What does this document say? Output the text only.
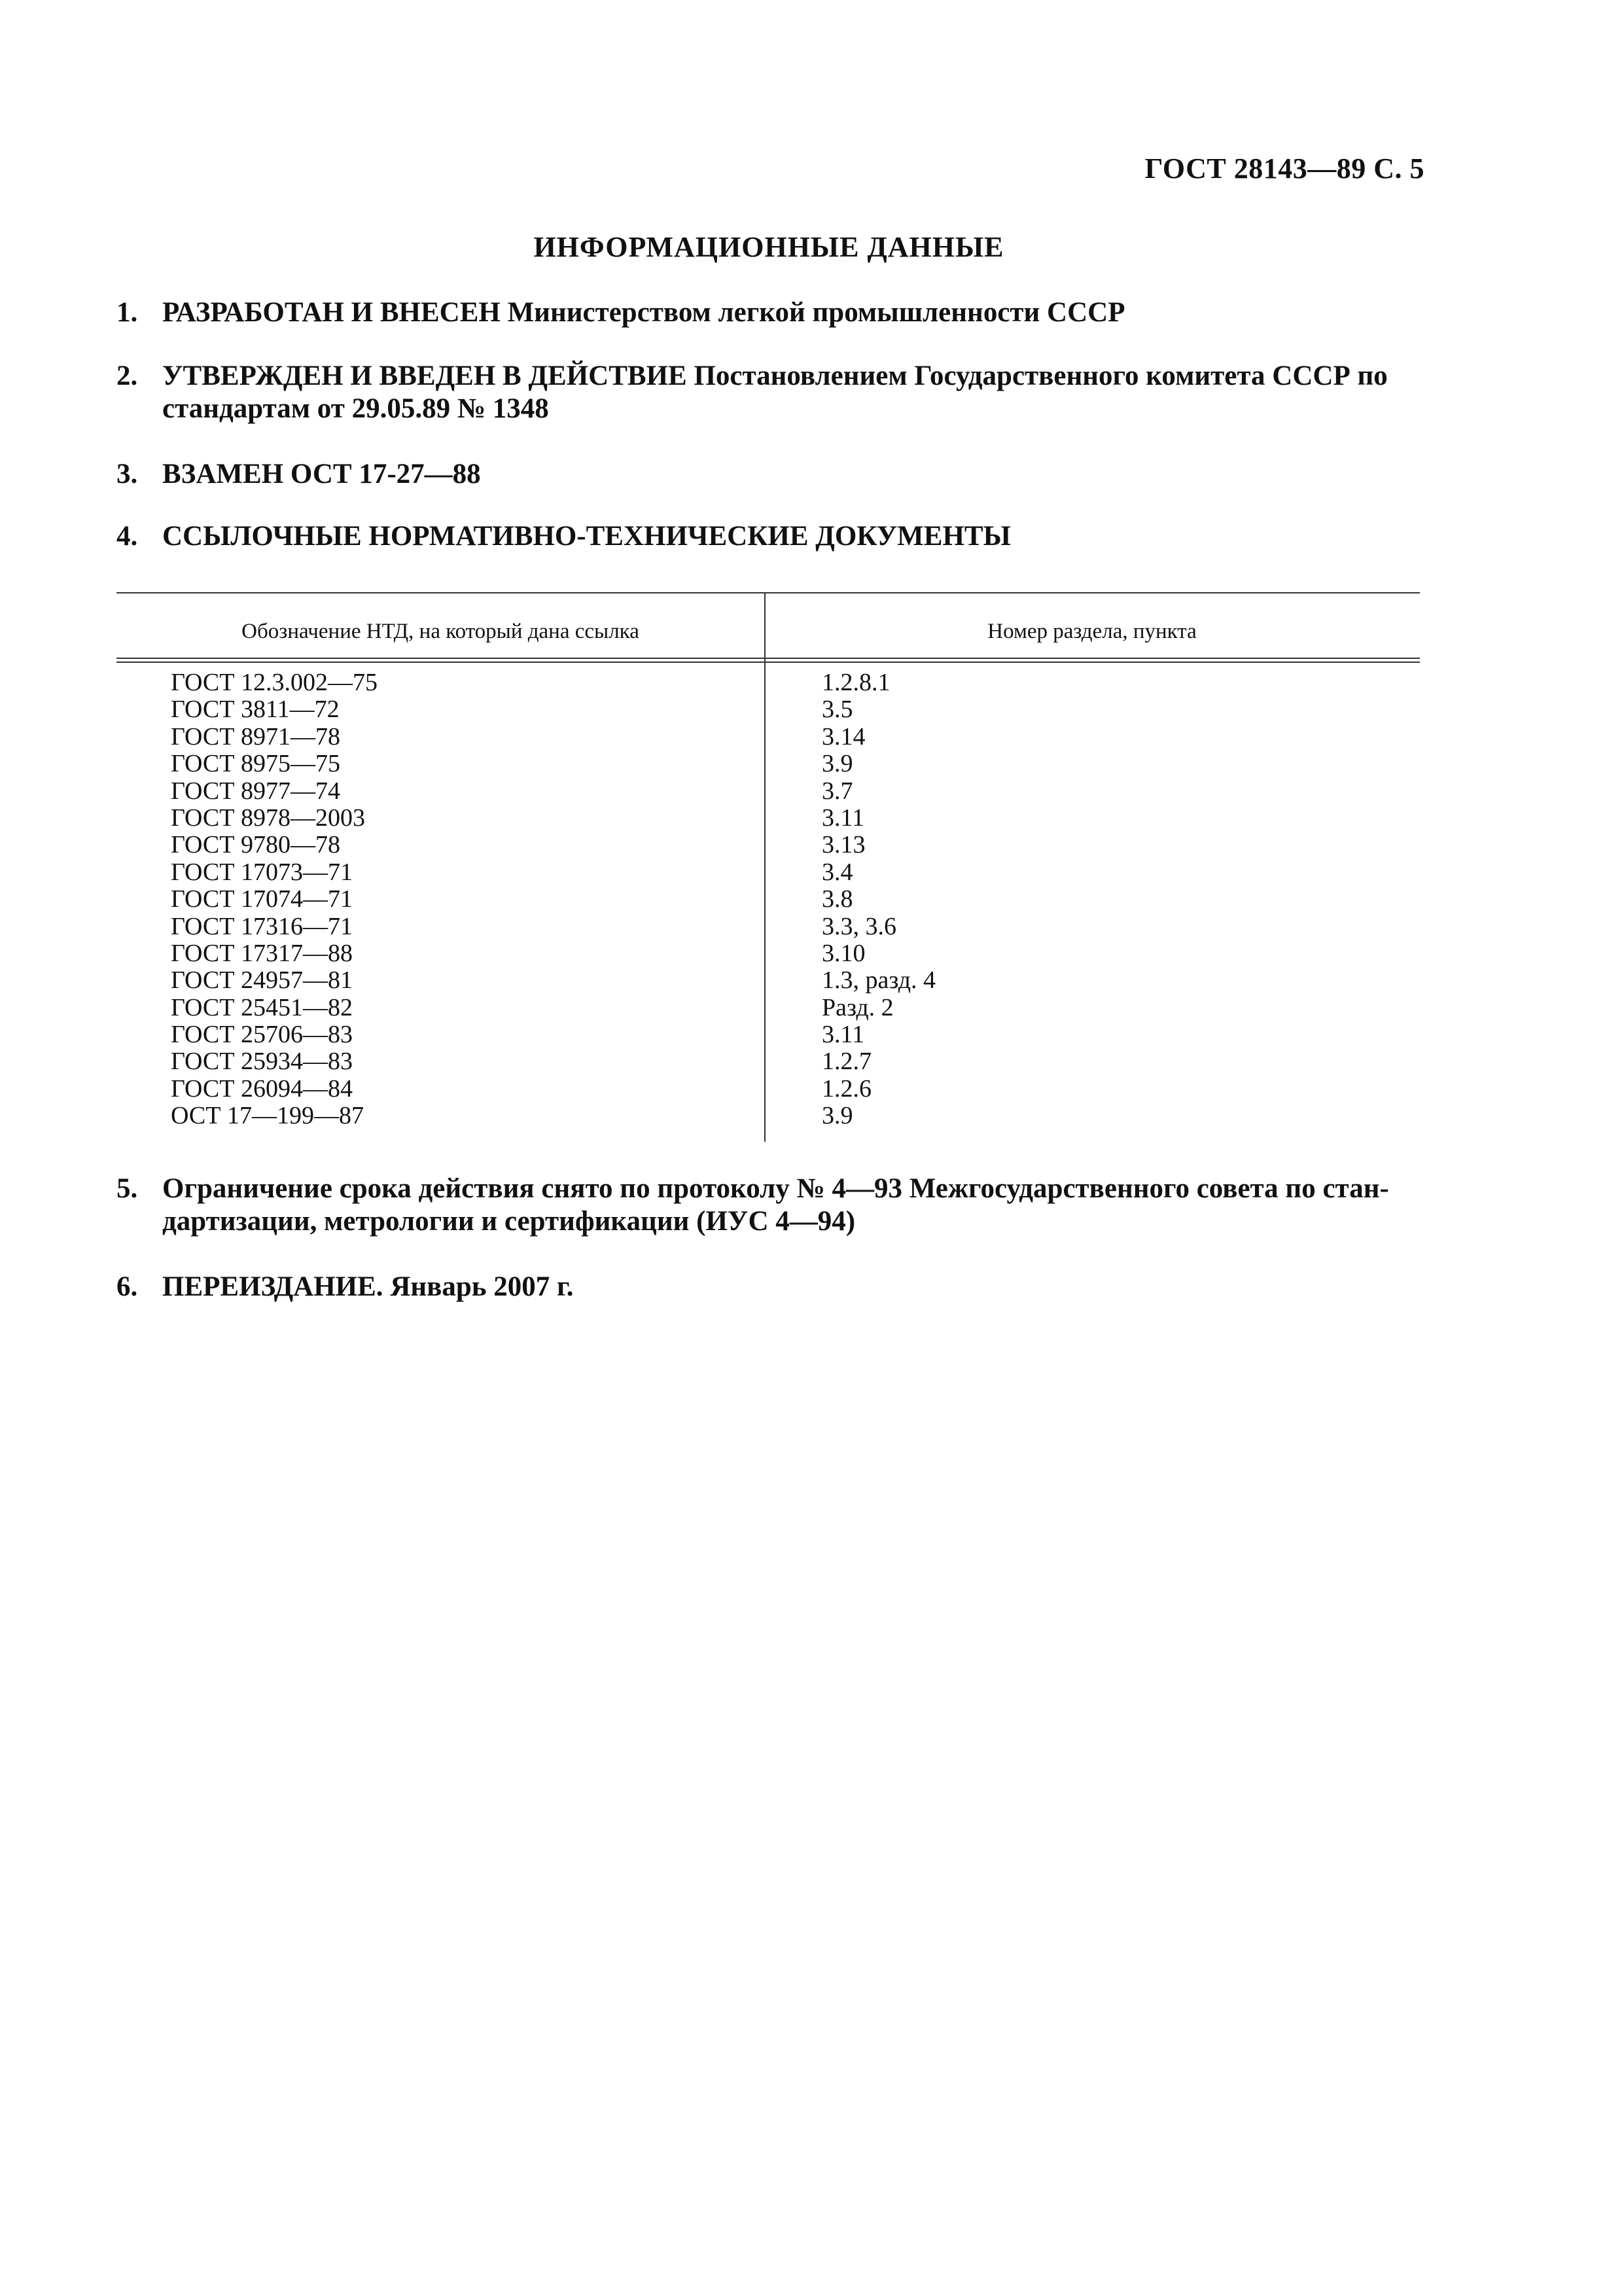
ГОСТ 28143—89 С. 5
ИНФОРМАЦИОННЫЕ ДАННЫЕ
1. РАЗРАБОТАН И ВНЕСЕН Министерством легкой промышленности СССР
2. УТВЕРЖДЕН И ВВЕДЕН В ДЕЙСТВИЕ Постановлением Государственного комитета СССР по стандартам от 29.05.89 № 1348
3. ВЗАМЕН ОСТ 17-27—88
4. ССЫЛОЧНЫЕ НОРМАТИВНО-ТЕХНИЧЕСКИЕ ДОКУМЕНТЫ
Обозначение НТД, на который дана ссылка	Номер раздела, пункта
ГОСТ 12.3.002—75	1.2.8.1
ГОСТ 3811—72	3.5
ГОСТ 8971—78	3.14
ГОСТ 8975—75	3.9
ГОСТ 8977—74	3.7
ГОСТ 8978—2003	3.11
ГОСТ 9780—78	3.13
ГОСТ 17073—71	3.4
ГОСТ 17074—71	3.8
ГОСТ 17316—71	3.3, 3.6
ГОСТ 17317—88	3.10
ГОСТ 24957—81	1.3, разд. 4
ГОСТ 25451—82	Разд. 2
ГОСТ 25706—83	3.11
ГОСТ 25934—83	1.2.7
ГОСТ 26094—84	1.2.6
ОСТ 17—199—87	3.9
5. Ограничение срока действия снято по протоколу № 4—93 Межгосударственного совета по стан-дартизации, метрологии и сертификации (ИУС 4—94)
6. ПЕРЕИЗДАНИЕ. Январь 2007 г.
